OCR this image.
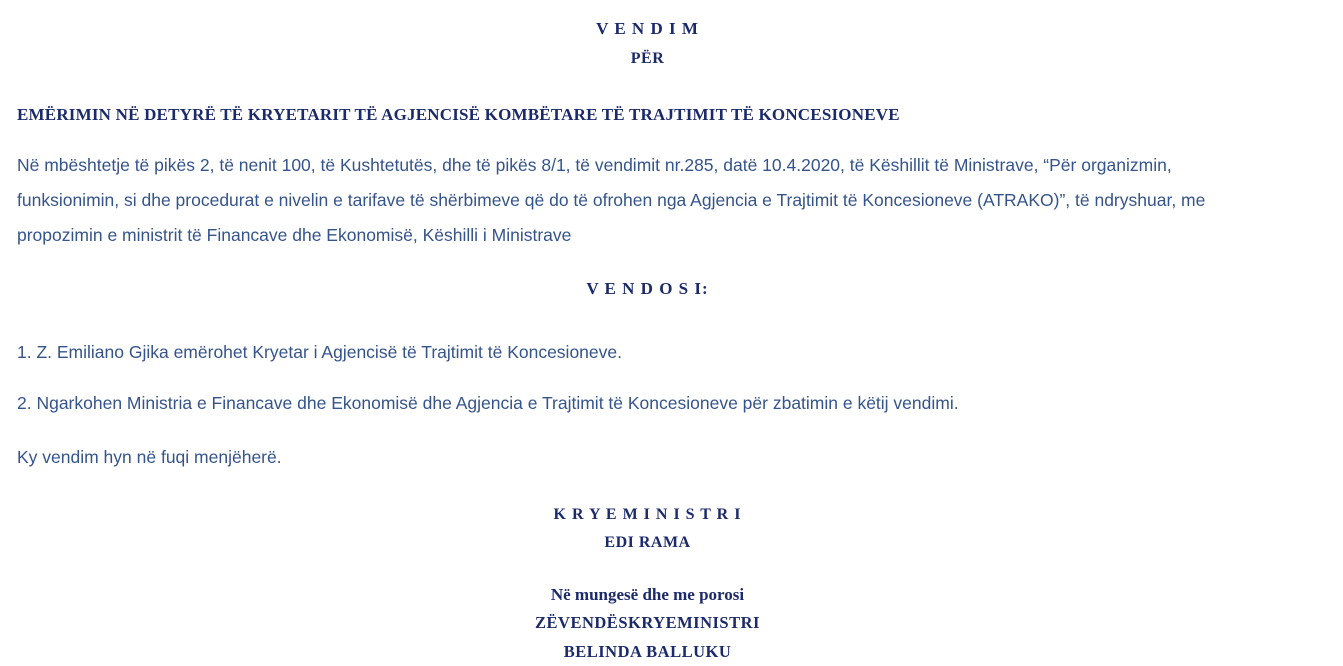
V E N D I M
PËR
EMËRIMIN NË DETYRË TË KRYETARIT TË AGJENCISË KOMBËTARE TË TRAJTIMIT TË KONCESIONEVE

Në mbështetje të pikës 2, të nenit 100, të Kushtetutës, dhe të pikës 8/1, të vendimit nr.285, datë 10.4.2020, të Këshillit të Ministrave, “Për organizmin, funksionimin, si dhe procedurat e nivelin e tarifave të shërbimeve që do të ofrohen nga Agjencia e Trajtimit të Koncesioneve (ATRAKO)”, të ndryshuar, me propozimin e ministrit të Financave dhe Ekonomisë, Këshilli i Ministrave

V E N D O S I:

1. Z. Emiliano Gjika emërohet Kryetar i Agjencisë të Trajtimit të Koncesioneve.

2. Ngarkohen Ministria e Financave dhe Ekonomisë dhe Agjencia e Trajtimit të Koncesioneve për zbatimin e këtij vendimi.

Ky vendim hyn në fuqi menjëherë.

K R Y E M I N I S T R I
EDI RAMA
Në mungesë dhe me porosi
ZËVENDËSKRYEMINISTRI
BELINDA BALLUKU
